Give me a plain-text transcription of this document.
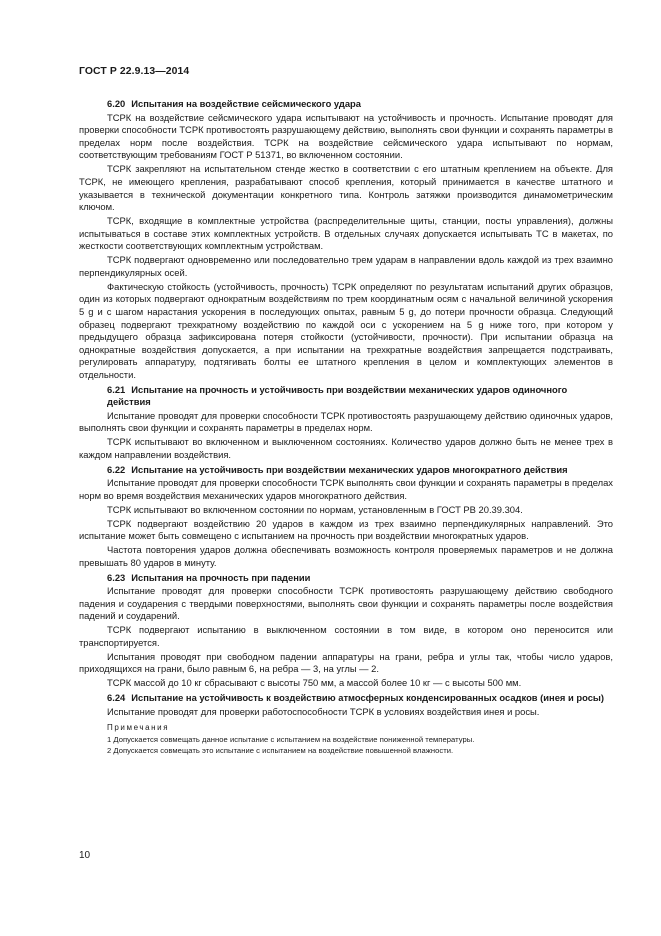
ГОСТ Р 22.9.13—2014
6.20 Испытания на воздействие сейсмического удара
ТСРК на воздействие сейсмического удара испытывают на устойчивость и прочность. Испытание проводят для проверки способности ТСРК противостоять разрушающему действию, выполнять свои функции и сохранять параметры в пределах норм после воздействия. ТСРК на воздействие сейсмического удара испытывают по нормам, соответствующим требованиям ГОСТ Р 51371, во включенном состоянии.
ТСРК закрепляют на испытательном стенде жестко в соответствии с его штатным креплением на объекте. Для ТСРК, не имеющего крепления, разрабатывают способ крепления, который принимается в качестве штатного и указывается в технической документации конкретного типа. Контроль затяжки производится динамометрическим ключом.
ТСРК, входящие в комплектные устройства (распределительные щиты, станции, посты управления), должны испытываться в составе этих комплектных устройств. В отдельных случаях допускается испытывать ТС в макетах, по жесткости соответствующих комплектным устройствам.
ТСРК подвергают одновременно или последовательно трем ударам в направлении вдоль каждой из трех взаимно перпендикулярных осей.
Фактическую стойкость (устойчивость, прочность) ТСРК определяют по результатам испытаний других образцов, один из которых подвергают однократным воздействиям по трем координатным осям с начальной величиной ускорения 5 g и с шагом нарастания ускорения в последующих опытах, равным 5 g, до потери прочности образца. Следующий образец подвергают трехкратному воздействию по каждой оси с ускорением на 5 g ниже того, при котором у предыдущего образца зафиксирована потеря стойкости (устойчивости, прочности). При испытании образца на однократные воздействия допускается, а при испытании на трехкратные воздействия запрещается подстраивать, регулировать аппаратуру, подтягивать болты ее штатного крепления в целом и комплектующих элементов в отдельности.
6.21 Испытание на прочность и устойчивость при воздействии механических ударов одиночного действия
Испытание проводят для проверки способности ТСРК противостоять разрушающему действию одиночных ударов, выполнять свои функции и сохранять параметры в пределах норм.
ТСРК испытывают во включенном и выключенном состояниях. Количество ударов должно быть не менее трех в каждом направлении воздействия.
6.22 Испытание на устойчивость при воздействии механических ударов многократного действия
Испытание проводят для проверки способности ТСРК выполнять свои функции и сохранять параметры в пределах норм во время воздействия механических ударов многократного действия.
ТСРК испытывают во включенном состоянии по нормам, установленным в ГОСТ РВ 20.39.304.
ТСРК подвергают воздействию 20 ударов в каждом из трех взаимно перпендикулярных направлений. Это испытание может быть совмещено с испытанием на прочность при воздействии многократных ударов.
Частота повторения ударов должна обеспечивать возможность контроля проверяемых параметров и не должна превышать 80 ударов в минуту.
6.23 Испытания на прочность при падении
Испытание проводят для проверки способности ТСРК противостоять разрушающему действию свободного падения и соударения с твердыми поверхностями, выполнять свои функции и сохранять параметры после воздействия падений и соударений.
ТСРК подвергают испытанию в выключенном состоянии в том виде, в котором оно переносится или транспортируется.
Испытания проводят при свободном падении аппаратуры на грани, ребра и углы так, чтобы число ударов, приходящихся на грани, было равным 6, на ребра — 3, на углы — 2.
ТСРК массой до 10 кг сбрасывают с высоты 750 мм, а массой более 10 кг — с высоты 500 мм.
6.24 Испытание на устойчивость к воздействию атмосферных конденсированных осадков (инея и росы)
Испытание проводят для проверки работоспособности ТСРК в условиях воздействия инея и росы.
Примечания
1 Допускается совмещать данное испытание с испытанием на воздействие пониженной температуры.
2 Допускается совмещать это испытание с испытанием на воздействие повышенной влажности.
10
